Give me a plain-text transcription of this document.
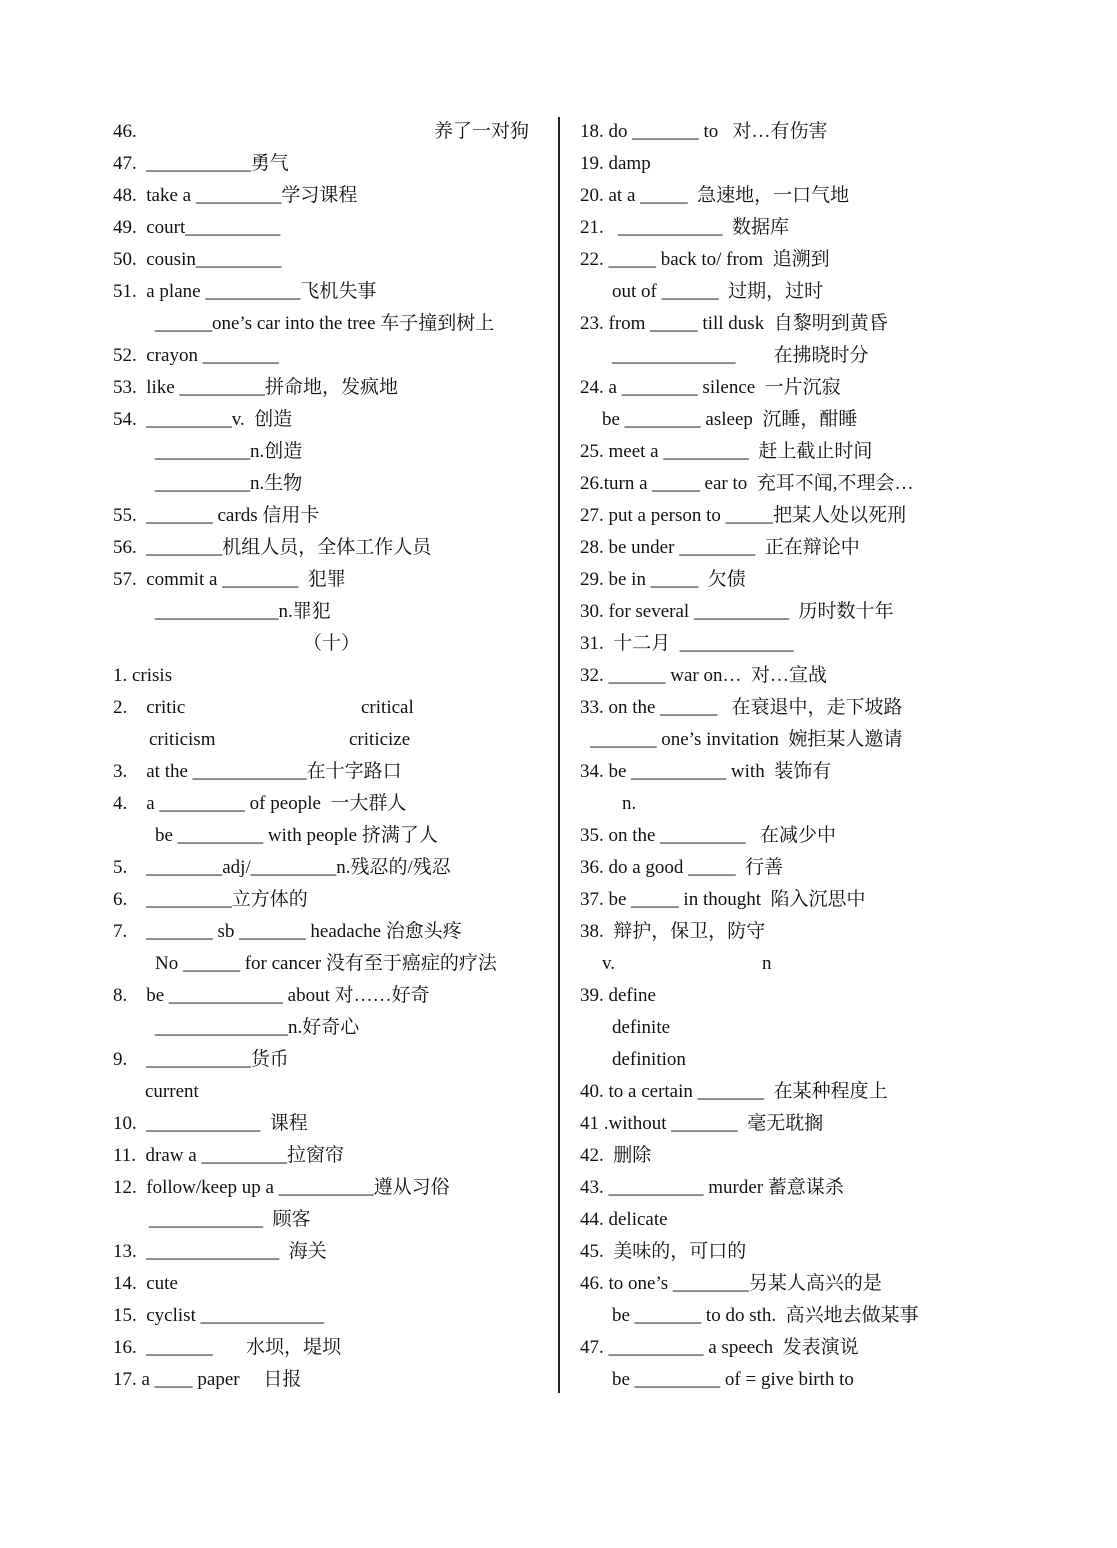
46.	养了一对狗
47.  ___________勇气
48.  take a _________学习课程
49.  court__________
50.  cousin_________
51.  a plane __________飞机失事
______one’s car into the tree 车子撞到树上
52.  crayon ________
53.  like _________拼命地，发疯地
54.  _________v.  创造
__________n.创造
__________n.生物
55.  _______ cards 信用卡
56.  ________机组人员，全体工作人员
57.  commit a ________  犯罪
_____________n.罪犯
（十）
1. crisis
2.    critic	critical
criticism	criticize
3.    at the ____________在十字路口
4.    a _________ of people  一大群人
be _________ with people 挤满了人
5.    ________adj/_________n.残忍的/残忍
6.    _________立方体的
7.    _______ sb _______ headache 治愈头疼
No ______ for cancer 没有至于癌症的疗法
8.    be ____________ about 对……好奇
______________n.好奇心
9.    ___________货币
current
10.  ____________  课程
11.  draw a _________拉窗帘
12.  follow/keep up a __________遵从习俗
____________  顾客
13.  ______________  海关
14.  cute
15.  cyclist _____________
16.  _______       水坝，堤坝
17. a ____ paper     日报
18. do _______ to   对…有伤害
19. damp
20. at a _____  急速地，一口气地
21.   ___________  数据库
22. _____ back to/ from  追溯到
out of ______  过期，过时
23. from _____ till dusk  自黎明到黄昏
_____________        在拂晓时分
24. a ________ silence  一片沉寂
be ________ asleep  沉睡，酣睡
25. meet a _________  赶上截止时间
26.turn a _____ ear to  充耳不闻,不理会…
27. put a person to _____把某人处以死刑
28. be under ________  正在辩论中
29. be in _____  欠债
30. for several __________  历时数十年
31.  十二月  ____________
32. ______ war on…  对…宣战
33. on the ______   在衰退中，走下坡路
_______ one’s invitation  婉拒某人邀请
34. be __________ with  装饰有
n.
35. on the _________   在减少中
36. do a good _____  行善
37. be _____ in thought  陷入沉思中
38.  辩护，保卫，防守
v.	n
39. define
definite
definition
40. to a certain _______  在某种程度上
41 .without _______  毫无耽搁
42.  删除
43. __________ murder 蓄意谋杀
44. delicate
45.  美味的，可口的
46. to one’s ________另某人高兴的是
be _______ to do sth.  高兴地去做某事
47. __________ a speech  发表演说
be _________ of = give birth to
